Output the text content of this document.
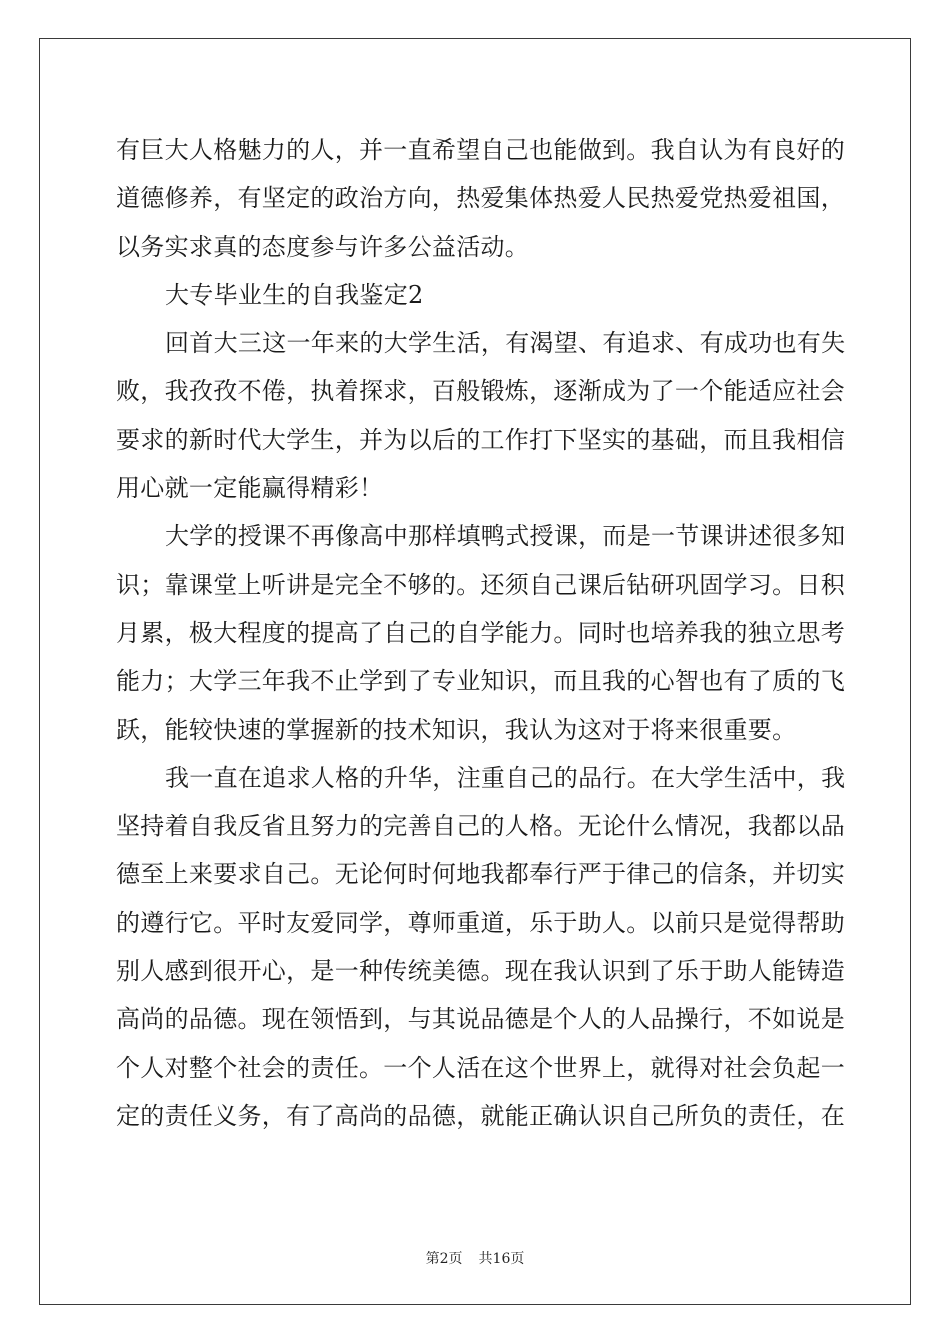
有巨大人格魅力的人，并一直希望自己也能做到。我自认为有良好的
道德修养，有坚定的政治方向，热爱集体热爱人民热爱党热爱祖国，
以务实求真的态度参与许多公益活动。
大专毕业生的自我鉴定2
回首大三这一年来的大学生活，有渴望、有追求、有成功也有失
败，我孜孜不倦，执着探求，百般锻炼，逐渐成为了一个能适应社会
要求的新时代大学生，并为以后的工作打下坚实的基础，而且我相信
用心就一定能赢得精彩！
大学的授课不再像高中那样填鸭式授课，而是一节课讲述很多知
识；靠课堂上听讲是完全不够的。还须自己课后钻研巩固学习。日积
月累，极大程度的提高了自己的自学能力。同时也培养我的独立思考
能力；大学三年我不止学到了专业知识，而且我的心智也有了质的飞
跃，能较快速的掌握新的技术知识，我认为这对于将来很重要。
我一直在追求人格的升华，注重自己的品行。在大学生活中，我
坚持着自我反省且努力的完善自己的人格。无论什么情况，我都以品
德至上来要求自己。无论何时何地我都奉行严于律己的信条，并切实
的遵行它。平时友爱同学，尊师重道，乐于助人。以前只是觉得帮助
别人感到很开心，是一种传统美德。现在我认识到了乐于助人能铸造
高尚的品德。现在领悟到，与其说品德是个人的人品操行，不如说是
个人对整个社会的责任。一个人活在这个世界上，就得对社会负起一
定的责任义务，有了高尚的品德，就能正确认识自己所负的责任，在
第2页 共16页
